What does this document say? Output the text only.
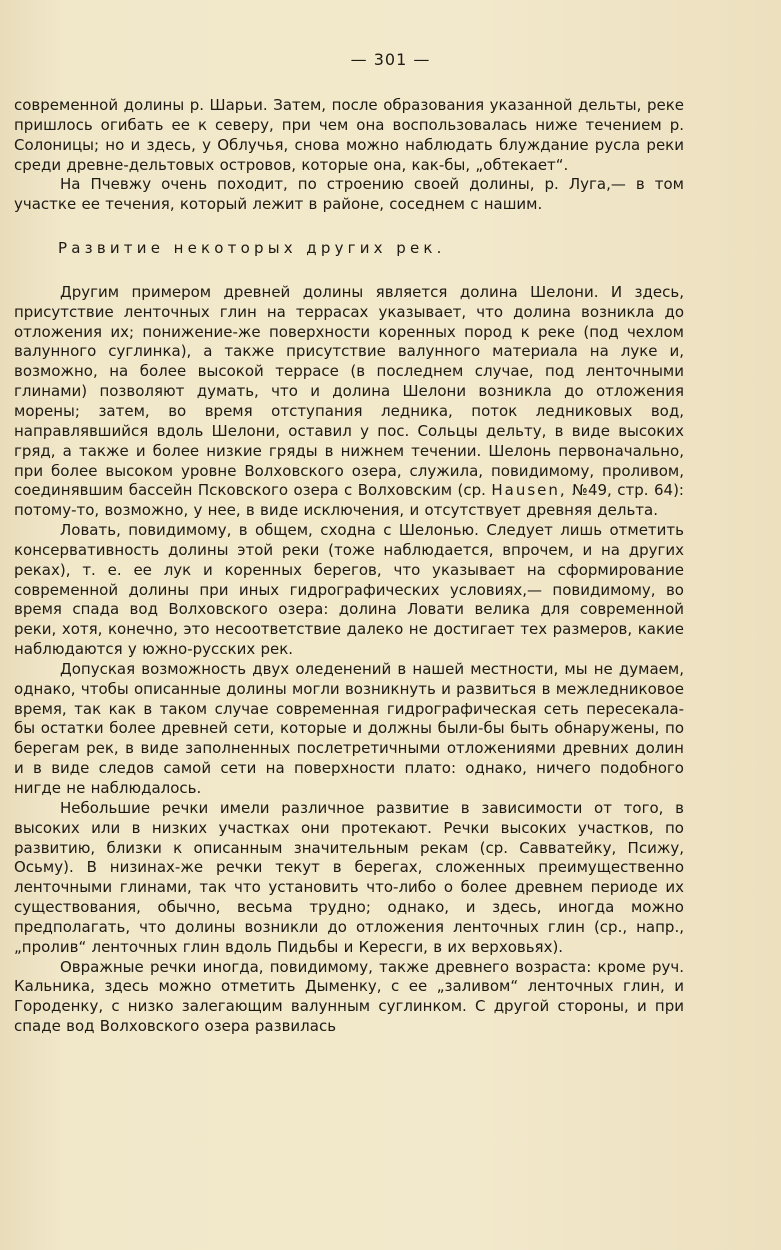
— 301 —

современной долины р. Шарьи. Затем, после образования указанной дельты, реке пришлось огибать ее к северу, при чем она воспользовалась ниже течением р. Солоницы; но и здесь, у Облучья, снова можно наблюдать блуждание русла реки среди древне-дельтовых островов, которые она, как-бы, „обтекает“.

На Пчевжу очень походит, по строению своей долины, р. Луга,— в том участке ее течения, который лежит в районе, соседнем с нашим.

Развитие некоторых других рек.

Другим примером древней долины является долина Шелони. И здесь, присутствие ленточных глин на террасах указывает, что долина возникла до отложения их; понижение-же поверхности коренных пород к реке (под чехлом валунного суглинка), а также присутствие валунного материала на луке и, возможно, на более высокой террасе (в последнем случае, под ленточными глинами) позволяют думать, что и долина Шелони возникла до отложения морены; затем, во время отступания ледника, поток ледниковых вод, направлявшийся вдоль Шелони, оставил у пос. Сольцы дельту, в виде высоких гряд, а также и более низкие гряды в нижнем течении. Шелонь первоначально, при более высоком уровне Волховского озера, служила, повидимому, проливом, соединявшим бассейн Псковского озера с Волховским (ср. Hausen, №49, стр. 64): потому-то, возможно, у нее, в виде исключения, и отсутствует древняя дельта.

Ловать, повидимому, в общем, сходна с Шелонью. Следует лишь отметить консервативность долины этой реки (тоже наблюдается, впрочем, и на других реках), т. е. ее лук и коренных берегов, что указывает на сформирование современной долины при иных гидрографических условиях,— повидимому, во время спада вод Волховского озера: долина Ловати велика для современной реки, хотя, конечно, это несоответствие далеко не достигает тех размеров, какие наблюдаются у южно-русских рек.

Допуская возможность двух оледенений в нашей местности, мы не думаем, однако, чтобы описанные долины могли возникнуть и развиться в межледниковое время, так как в таком случае современная гидрографическая сеть пересекала-бы остатки более древней сети, которые и должны были-бы быть обнаружены, по берегам рек, в виде заполненных послетретичными отложениями древних долин и в виде следов самой сети на поверхности плато: однако, ничего подобного нигде не наблюдалось.

Небольшие речки имели различное развитие в зависимости от того, в высоких или в низких участках они протекают. Речки высоких участков, по развитию, близки к описанным значительным рекам (ср. Савватейку, Псижу, Осьму). В низинах-же речки текут в берегах, сложенных преимущественно ленточными глинами, так что установить что-либо о более древнем периоде их существования, обычно, весьма трудно; однако, и здесь, иногда можно предполагать, что долины возникли до отложения ленточных глин (ср., напр., „пролив“ ленточных глин вдоль Пидьбы и Кересги, в их верховьях).

Овражные речки иногда, повидимому, также древнего возраста: кроме руч. Кальника, здесь можно отметить Дыменку, с ее „заливом“ ленточных глин, и Городенку, с низко залегающим валунным суглинком. С другой стороны, и при спаде вод Волховского озера развилась
